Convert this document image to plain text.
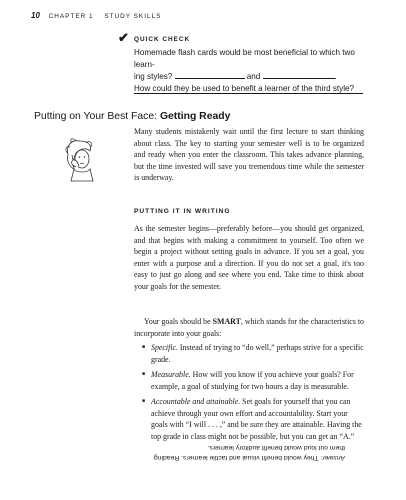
10 CHAPTER 1 STUDY SKILLS
✔ QUICK CHECK
Homemade flash cards would be most beneficial to which two learn-
ing styles?	and	.
How could they be used to benefit a learner of the third style?
Putting on Your Best Face: Getting Ready

Many students mistakenly wait until the first lecture to start thinking about class. The key to starting your semester well is to be organized and ready when you enter the classroom. This takes advance planning, but the time invested will save you tremendous time while the semester is underway.

PUTTING IT IN WRITING

As the semester begins—preferably before—you should get organized, and that begins with making a commitment to yourself. Too often we begin a project without setting goals in advance. If you set a goal, you enter with a purpose and a direction. If you do not set a goal, it's too easy to just go along and see where you end. Take time to think about your goals for the semester.

Your goals should be SMART, which stands for the characteristics to incorporate into your goals:

■ Specific. Instead of trying to “do well,” perhaps strive for a specific grade.
■ Measurable. How will you know if you achieve your goals? For example, a goal of studying for two hours a day is measurable.
■ Accountable and attainable. Set goals for yourself that you can achieve through your own effort and accountability. Start your goals with “I will . . . ,” and be sure they are attainable. Having the top grade in class might not be possible, but you can get an “A.”
Answer: They would benefit visual and tactile learners. Reading them out loud would benefit auditory learners.
